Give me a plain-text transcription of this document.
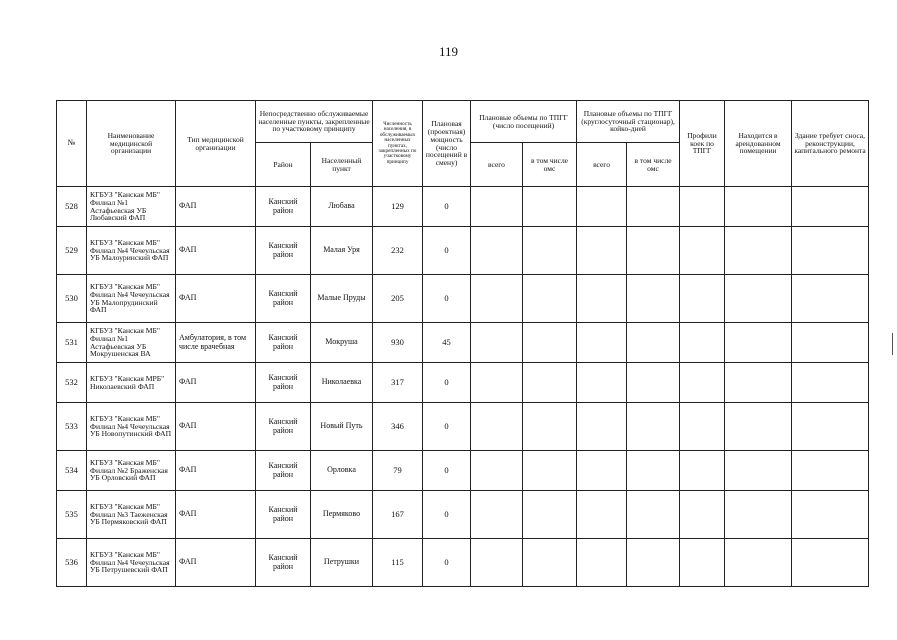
119
№	Наименование медицинской организации	Тип медицинской организации	Непосредственно обслуживаемые населенные пункты, закрепленные по участковому принципу		Численность населения, в обслуживаемых населенных пунктах, закрепленных по участковому принципу	Плановая (проектная) мощность (число посещений в смену)	Плановые объемы по ТПГГ (число посещений)		Плановые объемы по ТПГГ (круглосуточный стационар), койко-дней		Профили коек по ТПГГ	Находится в арендованном помещении	Здание требует сноса, реконструкции, капитального ремонта
			Район	Населенный пункт			всего	в том числе омс	всего	в том числе омс			
528	КГБУЗ "Канская МБ" Филиал №1 Астафьевская УБ Любавский ФАП	ФАП	Канский район	Любава	129	0							
529	КГБУЗ "Канская МБ" Филиал №4 Чечеульская УБ Малоуринский ФАП	ФАП	Канский район	Малая Уря	232	0							
530	КГБУЗ "Канская МБ" Филиал №4 Чечеульская УБ Малопрудинский ФАП	ФАП	Канский район	Малые Пруды	205	0							
531	КГБУЗ "Канская МБ" Филиал №1 Астафьевская УБ Мокрушенская ВА	Амбулатория, в том числе врачебная	Канский район	Мокруша	930	45							
532	КГБУЗ "Канская МРБ" Николаевский ФАП	ФАП	Канский район	Николаевка	317	0							
533	КГБУЗ "Канская МБ" Филиал №4 Чечеульская УБ Новопутинский ФАП	ФАП	Канский район	Новый Путь	346	0							
534	КГБУЗ "Канская МБ" Филиал №2 Браженская УБ Орловский ФАП	ФАП	Канский район	Орловка	79	0							
535	КГБУЗ "Канская МБ" Филиал №3 Таеженская УБ Пермяковский ФАП	ФАП	Канский район	Пермяково	167	0							
536	КГБУЗ "Канская МБ" Филиал №4 Чечеульская УБ Петрушевский ФАП	ФАП	Канский район	Петрушки	115	0							
